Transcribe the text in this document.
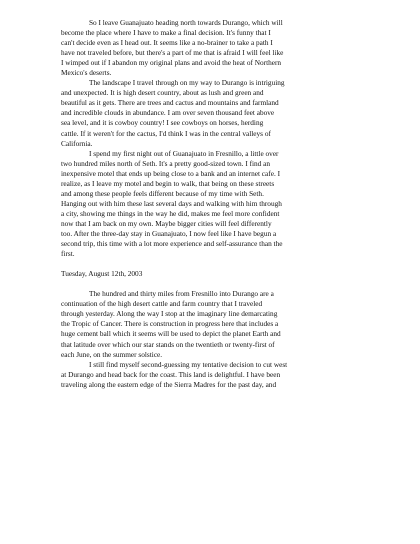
So I leave Guanajuato heading north towards Durango, which will
become the place where I have to make a final decision. It's funny that I
can't decide even as I head out. It seems like a no-brainer to take a path I
have not traveled before, but there's a part of me that is afraid I will feel like
I wimped out if I abandon my original plans and avoid the heat of Northern
Mexico's deserts.
The landscape I travel through on my way to Durango is intriguing
and unexpected. It is high desert country, about as lush and green and
beautiful as it gets. There are trees and cactus and mountains and farmland
and incredible clouds in abundance. I am over seven thousand feet above
sea level, and it is cowboy country! I see cowboys on horses, herding
cattle. If it weren't for the cactus, I'd think I was in the central valleys of
California.
I spend my first night out of Guanajuato in Fresnillo, a little over
two hundred miles north of Seth. It's a pretty good-sized town. I find an
inexpensive motel that ends up being close to a bank and an internet cafe. I
realize, as I leave my motel and begin to walk, that being on these streets
and among these people feels different because of my time with Seth.
Hanging out with him these last several days and walking with him through
a city, showing me things in the way he did, makes me feel more confident
now that I am back on my own. Maybe bigger cities will feel differently
too. After the three-day stay in Guanajuato, I now feel like I have begun a
second trip, this time with a lot more experience and self-assurance than the
first.
Tuesday, August 12th, 2003
The hundred and thirty miles from Fresnillo into Durango are a
continuation of the high desert cattle and farm country that I traveled
through yesterday. Along the way I stop at the imaginary line demarcating
the Tropic of Cancer. There is construction in progress here that includes a
huge cement ball which it seems will be used to depict the planet Earth and
that latitude over which our star stands on the twentieth or twenty-first of
each June, on the summer solstice.
I still find myself second-guessing my tentative decision to cut west
at Durango and head back for the coast. This land is delightful. I have been
traveling along the eastern edge of the Sierra Madres for the past day, and
